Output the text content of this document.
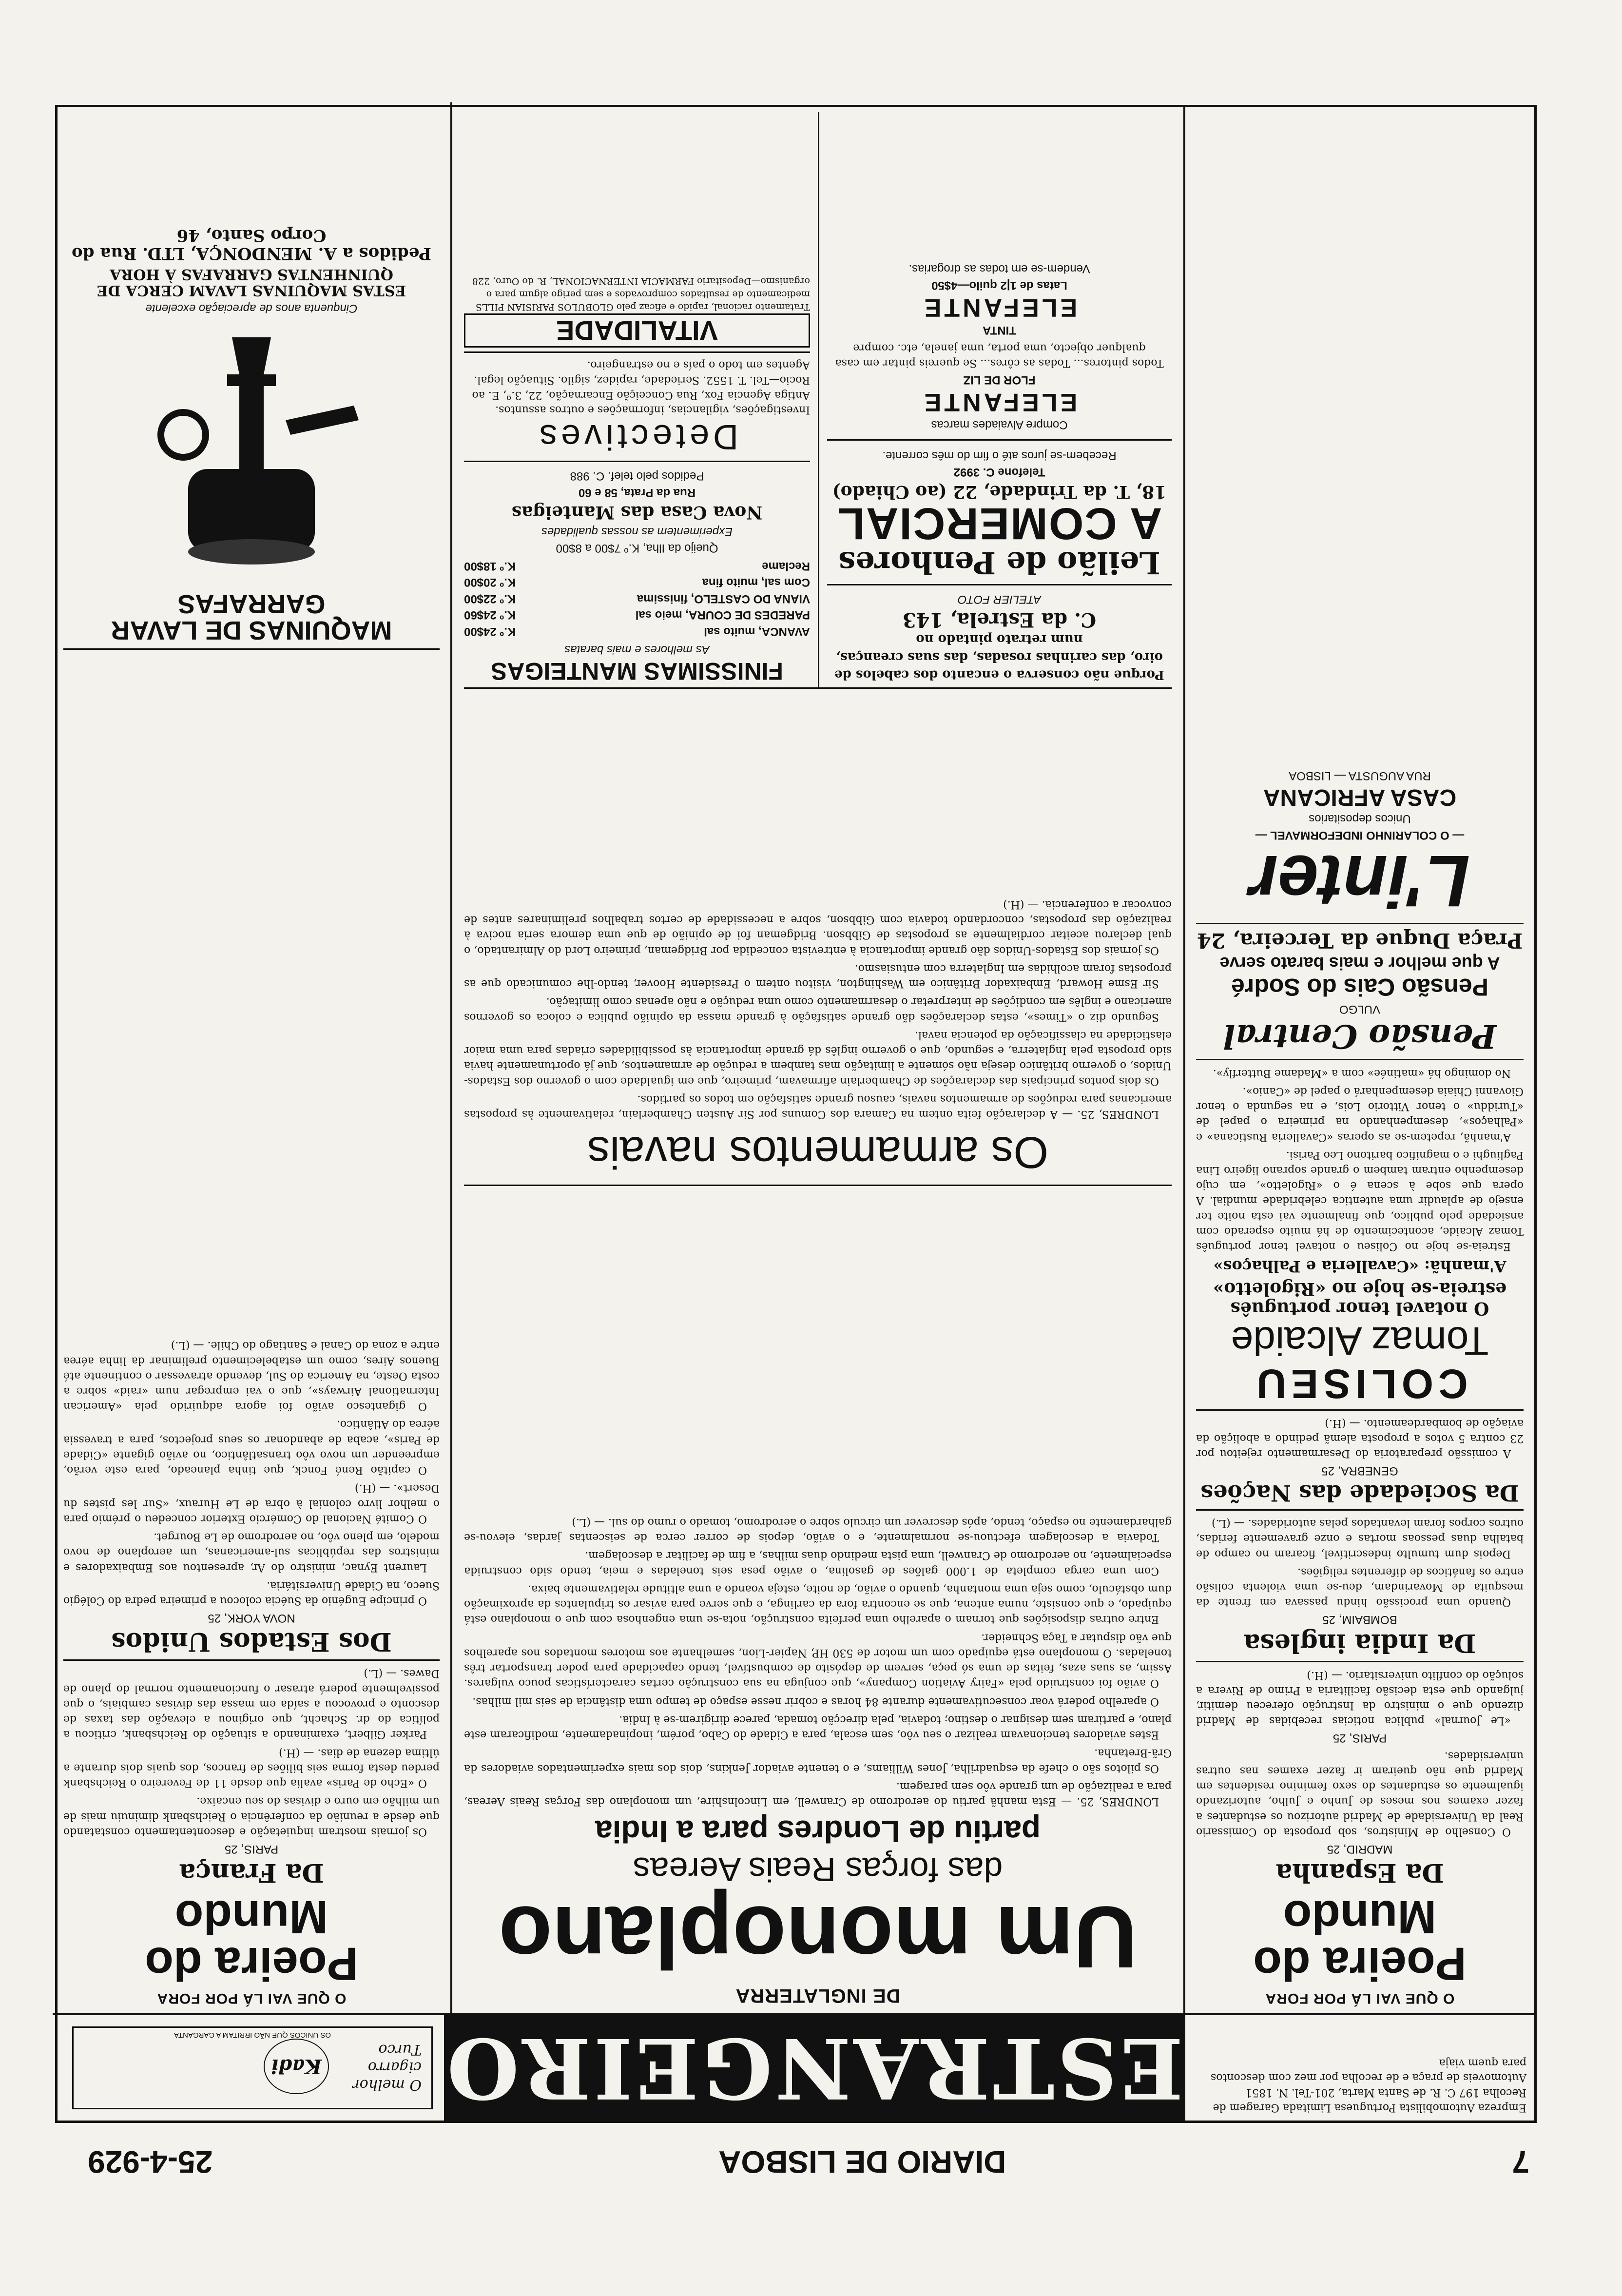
7
DIARIO DE LISBOA
25-4-929
O melhor cigarro Turco
Kadi
OS UNICOS QUE NÃO IRRITAM A GARGANTA	ESTRANGEIRO	Empreza Automobilista Portuguesa Limitada Garagem de Recolha 197 C. R. de Santa Marta, 201-Tel. N. 1851 Automoveis de praça e de recolha por mez com descontos para quem viaja
O QUE VAI LÁ POR FORA
Poeira do Mundo
Da Espanha
MADRID, 25

O Conselho de Ministros, sob proposta do Comissario Real da Universidade de Madrid autorizou os estudantes a fazer exames nos meses de Junho e Julho, autorizando igualmente os estudantes do sexo feminino residentes em Madrid que não queiram ir fazer exames nas outras universidades.

PARIS, 25

«Le Journal» publica noticias recebidas de Madrid dizendo que o ministro da Instrução ofereceu demitir, julgando que esta decisão facilitaria a Primo de Rivera a solução do conflito universitario. — (H.)

Da India inglesa
BOMBAIM, 25

Quando uma procissão hindu passava em frente da mesquita de Movarindam, deu-se uma violenta colisão entre os fanáticos de diferentes religiões.

Depois dum tumulto indescritível, ficaram no campo de batalha duas pessoas mortas e onze gravemente feridas, outros corpos foram levantados pelas autoridades. — (L.)

Da Sociedade das Nações
GENEBRA, 25

A comissão preparatoria do Desarmamento rejeitou por 23 contra 5 votos a proposta alemã pedindo a abolição da aviação de bombardeamento. — (H.)

COLISEU
Tomaz Alcaide
O notavel tenor português estreia-se hoje no «Rigoletto»
A'manhã: «Cavalleria e Palhaços»

Estreia-se hoje no Coliseu o notavel tenor português Tomaz Alcaide, acontecimento de há muito esperado com ansiedade pelo publico, que finalmente vai esta noite ter ensejo de aplaudir uma autentica celebridade mundial. A opera que sobe à scena é o «Rigoletto», em cujo desempenho entram tambem o grande soprano ligeiro Lina Pagliughi e o magnifico baritono Leo Parisi.

A'manhã, repetem-se as operas «Cavalleria Rusticana» e «Palhaços», desempenhando na primeira o papel de «Turiddu» o tenor Vittorio Lois, e na segunda o tenor Giovanni Chiaia desempenhará o papel de «Canio».

No domingo há «matinée» com a «Madame Butterfly».

Pensão Central
VULGO
Pensão Cais do Sodré
A que melhor e mais barato serve
Praça Duque da Terceira, 24
L'inter
— O COLARINHO INDEFORMAVEL —
Unicos depositarios
CASA AFRICANA
RUA AUGUSTA — LISBOA
DE INGLATERRA
Um monoplano
das forças Reais Aereas
partiu de Londres para a India

LONDRES, 25. — Esta manhã partiu do aerodromo de Cranwell, em Lincolnshire, um monoplano das Forças Reais Aereas, para a realização de um grande vôo sem paragem.

Os pilotos são o chefe da esquadrilha, Jones Williams, e o tenente aviador Jenkins, dois dos mais experimentados aviadores da Grã-Bretanha.

Estes aviadores tencionavam realizar o seu vôo, sem escala, para a Cidade do Cabo, porém, inopinadamente, modificaram este plano, e partiram sem designar o destino; todavia, pela direcção tomada, parece dirigirem-se à India.

O aparelho poderá voar consecutivamente durante 84 horas e cobrir nesse espaço de tempo uma distância de seis mil milhas.

O avião foi construido pela «Fairy Aviation Company», que conjuga na sua construção certas características pouco vulgares. Assim, as suas azas, feitas de uma só peça, servem de depósito de combustível, tendo capacidade para poder transportar três toneladas. O monoplano está equipado com um motor de 530 HP, Napier-Lion, semelhante aos motores montados nos aparelhos que vão disputar a Taça Schneider.

Entre outras disposições que tornam o aparelho uma perfeita construção, nota-se uma engenhosa com que o monoplano está equipado, e que consiste, numa antena, que se encontra fora da carlinga, e que serve para avisar os tripulantes da aproximação dum obstáculo, como seja uma montanha, quando o avião, de noite, esteja voando a uma altitude relativamente baixa.

Com uma carga completa de 1.000 galões de gasolina, o avião pesa seis toneladas e meia, tendo sido construida especialmente, no aerodromo de Cranwell, uma pista medindo duas milhas, a fim de facilitar a descolagem.

Todavia a descolagem efectuou-se normalmente, e o avião, depois de correr cerca de seiscentas jardas, elevou-se galhardamente no espaço, tendo, após descrever um circulo sobre o aerodromo, tomado o rumo do sul. — (L.)

Os armamentos navais

LONDRES, 25. — A declaração feita ontem na Camara dos Comuns por Sir Austen Chamberlain, relativamente às propostas americanas para reduções de armamentos navais, causou grande satisfação em todos os partidos.

Os dois pontos principais das declarações de Chamberlain afirmavam, primeiro, que em igualdade com o governo dos Estados-Unidos, o governo britânico deseja não sómente a limitação mas tambem a redução de armamentos, que já oportunamente havia sido proposta pela Inglaterra, e segundo, que o governo inglês dá grande importancia às possibilidades criadas para uma maior elasticidade na classificação da potencia naval.

Segundo diz o «Times», estas declarações dão grande satisfação à grande massa da opinião publica e coloca os governos americano e inglês em condições de interpretar o desarmamento como uma redução e não apenas como limitação.

Sir Esme Howard, Embaixador Britânico em Washington, visitou ontem o Presidente Hoover, tendo-lhe comunicado que as propostas foram acolhidas em Inglaterra com entusiasmo.

Os jornais dos Estados-Unidos dão grande importancia à entrevista concedida por Bridgeman, primeiro Lord do Almirantado, o qual declarou aceitar cordialmente as propostas de Gibbson. Bridgeman foi de opinião de que uma demora seria nociva à realização das propostas, concordando todavia com Gibbson, sobre a necessidade de certos trabalhos preliminares antes de convocar a conferencia. — (H.)

Porque não conserva o encanto dos cabelos de oiro, das carinhas rosadas, das suas creanças, num retrato pintado no
C. da Estrela, 143
ATELIER FOTO
Leilão de Penhores
A COMERCIAL
18, T. da Trindade, 22 (ao Chiado)
Telefone C. 3992
Recebem-se juros até o fim do mês corrente.
Compre Alvaiades marcas
ELEFANTE
FLOR DE LIZ
Todos pintores... Todas as côres... Se quereis pintar em casa qualquer objecto, uma porta, uma janela, etc. compre
TINTA
ELEFANTE
Latas de 1|2 quilo—4$50
Vendem-se em todas as drogarias.
FINISSIMAS MANTEIGAS
As melhores e mais baratas
AVANCA, muito sal
K.º 24$00
PAREDES DE COURA, meio sal
K.º 24$60
VIANA DO CASTELO, finissima
K.º 22$00
Com sal, muito fina
K.º 20$00
Reclame
K.º 18$00
Queijo da Ilha, K.º 7$00 a 8$00
Experimentem as nossas qualidades
Nova Casa das Manteigas
Rua da Prata, 58 e 60
Pedidos pelo telef. C. 988
Detectives
Investigações, vigilancias, informações e outros assuntos. Antiga Agencia Fox, Rua Conceição Encarnação, 22, 3.º, E. ao Rocio—Tel. T. 1552. Seriedade, rapidez, sigilo. Situação legal. Agentes em todo o país e no estrangeiro.
VITALIDADE
Tratamento racional, rapido e eficaz pelo GLOBULOS PARISIAN PILLS medicamento de resultados comprovados e sem perigo algum para o organismo—Depositario FARMACIA INTERNACIONAL, R. do Ouro, 228
O QUE VAI LÁ POR FORA
Poeira do Mundo
Da França
PARIS, 25

Os jornais mostram inquietação e descontentamento constatando que desde a reunião da conferência o Reichsbank diminuiu mais de um milhão em ouro e divisas do seu encaixe.

O «Echo de Paris» avalia que desde 11 de Fevereiro o Reichsbank perdeu desta forma seis biliões de francos, dos quais dois durante a última dezena de dias. — (H.)

Parker Gilbert, examinando a situação do Reichsbank, criticou a política do dr. Schacht, que originou a elevação das taxas de desconto e provocou a saída em massa das divisas cambiais, o que possivelmente poderá atrasar o funcionamento normal do plano de Dawes. — (L.)

Dos Estados Unidos
NOVA YORK, 25

O principe Eugénio da Suécia colocou a primeira pedra do Colégio Sueco, na Cidade Universitária.

Laurent Eynac, ministro do Ar, apresentou aos Embaixadores e ministros das repúblicas sul-americanas, um aeroplano de novo modelo, em pleno vôo, no aerodromo de Le Bourget.

O Comité Nacional do Comércio Exterior concedeu o prémio para o melhor livro colonial à obra de Le Huraux, «Sur les pistes du Desert». — (H.)

O capitão René Fonck, que tinha planeado, para este verão, empreender um novo vôo transatlântico, no avião gigante «Cidade de Paris», acaba de abandonar os seus projectos, para a travessia aérea do Atlântico.

O gigantesco avião foi agora adquirido pela «American International Airways», que o vai empregar num «raid» sobre a costa Oeste, na America do Sul, devendo atravessar o continente até Buenos Aires, como um estabelecimento preliminar da linha aérea entre a zona do Canal e Santiago do Chile. — (L.)

MAQUINAS DE LAVAR GARRAFAS
Cinquenta anos de apreciação excelente
ESTAS MAQUINAS LAVAM CERCA DE QUINHENTAS GARRAFAS À HORA
Pedidos a A. MENDONÇA, LTD. Rua do Corpo Santo, 46
